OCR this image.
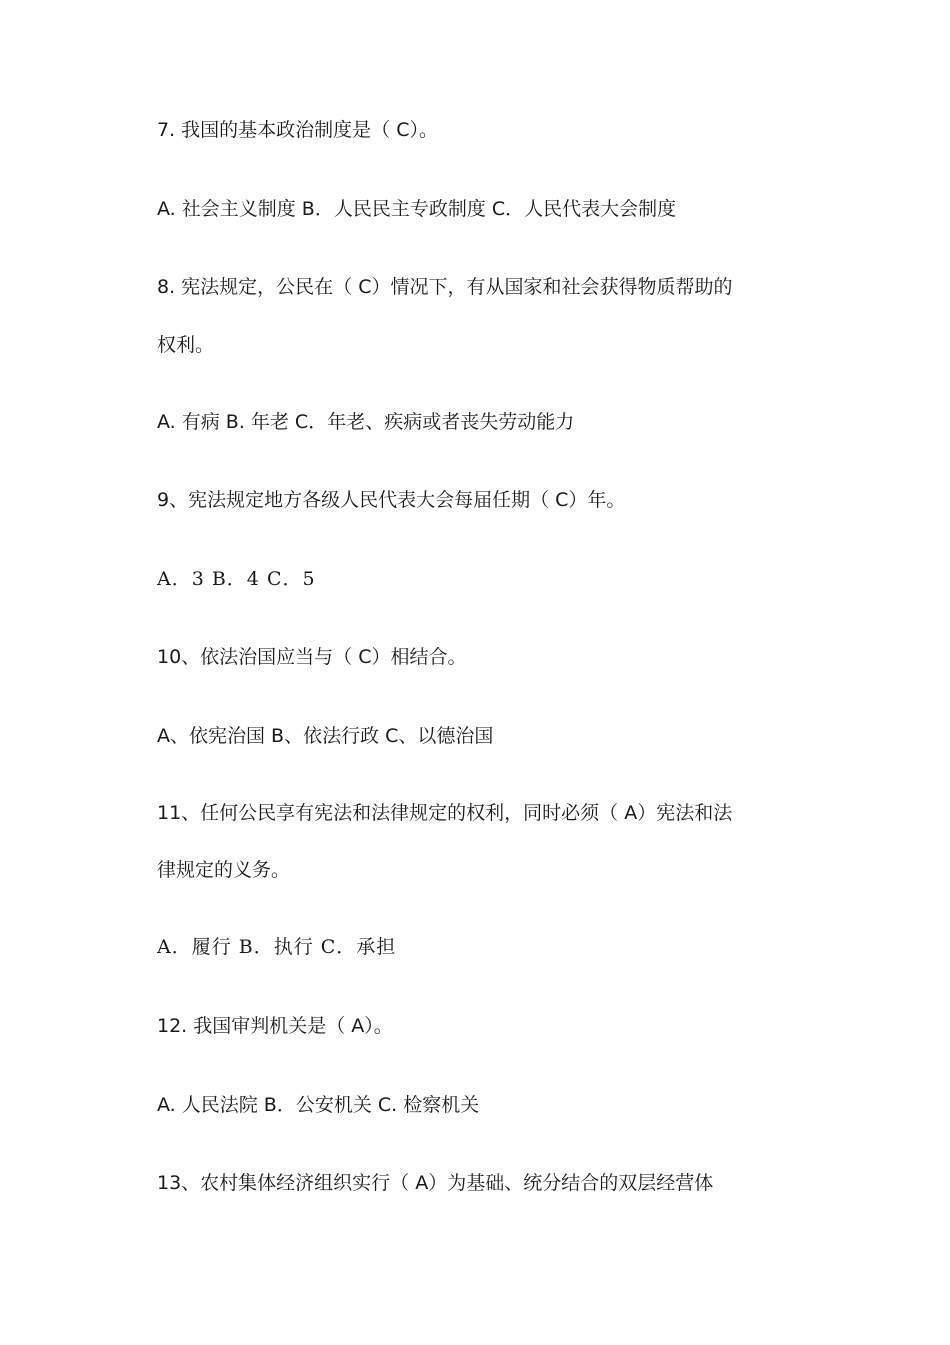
7. 我国的基本政治制度是（ C）。

A. 社会主义制度 B．人民民主专政制度 C．人民代表大会制度

8. 宪法规定，公民在（ C）情况下，有从国家和社会获得物质帮助的

权利。

A. 有病 B. 年老 C．年老、疾病或者丧失劳动能力

9、宪法规定地方各级人民代表大会每届任期（ C）年。

A．3 B．4 C．5

10、依法治国应当与（ C）相结合。

A、依宪治国 B、依法行政 C、以德治国

11、任何公民享有宪法和法律规定的权利，同时必须（ A）宪法和法

律规定的义务。

A．履行 B．执行 C．承担

12. 我国审判机关是（ A）。

A. 人民法院 B．公安机关 C. 检察机关

13、农村集体经济组织实行（ A）为基础、统分结合的双层经营体
